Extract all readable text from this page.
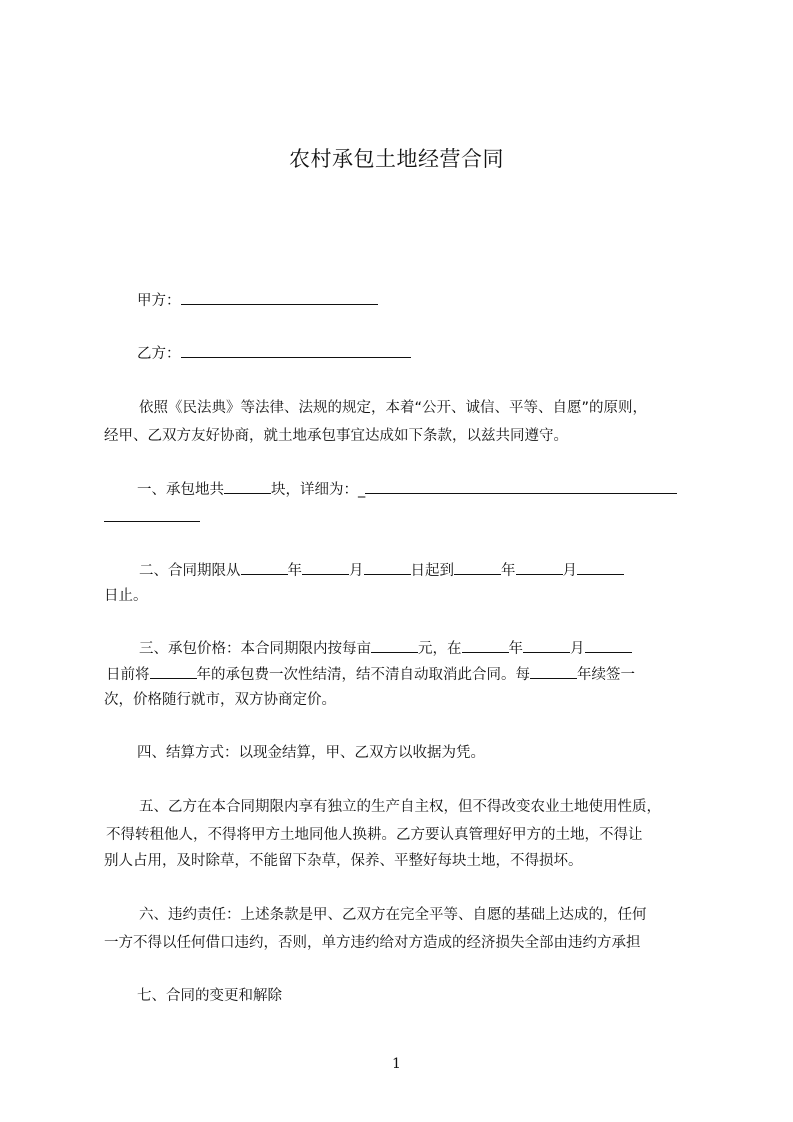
农村承包土地经营合同
甲方：
乙方：
依照《民法典》等法律、法规的规定，本着“公开、诚信、平等、自愿”的原则，
经甲、乙双方友好协商，就土地承包事宜达成如下条款，以兹共同遵守。
一、承包地共	块，详细为：_
二、合同期限从	年	月	日起到	年	月
日止。
三、承包价格：本合同期限内按每亩	元，在	年	月
日前将	年的承包费一次性结清，结不清自动取消此合同。每	年续签一
次，价格随行就市，双方协商定价。
四、结算方式：以现金结算，甲、乙双方以收据为凭。
五、乙方在本合同期限内享有独立的生产自主权，但不得改变农业土地使用性质，
不得转租他人，不得将甲方土地同他人换耕。乙方要认真管理好甲方的土地，不得让
别人占用，及时除草，不能留下杂草，保养、平整好每块土地，不得损坏。
六、违约责任：上述条款是甲、乙双方在完全平等、自愿的基础上达成的，任何
一方不得以任何借口违约，否则，单方违约给对方造成的经济损失全部由违约方承担
七、合同的变更和解除
1
